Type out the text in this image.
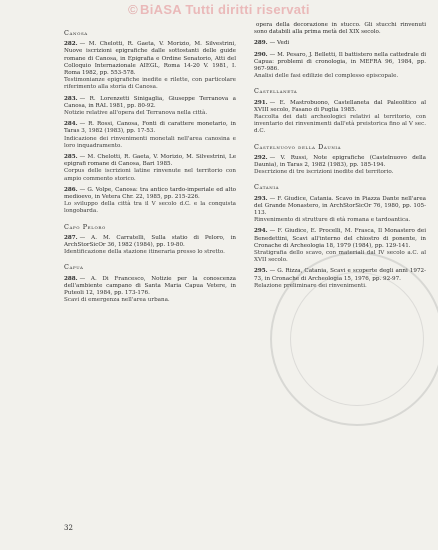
© BiASA Tutti diritti riservati
Canosa
282. — M. Chelotti, R. Gaeta, V. Morizio, M. Silvestrini, Nuove iscrizioni epigrafiche dalle sottostanti delle guide romane di Canosa, in Epigrafia e Ordine Senatorio, Atti del Colloquio Internazionale AIEGL, Roma 14-20 V. 1981, I. Roma 1982, pp. 553-578.
Testimonianze epigrafiche inedite e rilette, con particolare riferimento alla storia di Canosa.
283. — R. Lorenzetti Sinigaglia, Giuseppe Terranova a Canosa, in RAL 1981, pp. 80-92.
Notizie relative all'opera del Terranova nella città.
284. — R. Rossi, Canosa, Fonti di carattere monetario, in Taras 3, 1982 (1983), pp. 17-53.
Indicazione dei rinvenimenti monetali nell'area canosina e loro inquadramento.
285. — M. Chelotti, R. Gaeta, V. Morizio, M. Silvestrini, Le epigrafi romane di Canosa, Bari 1985.
Corpus delle iscrizioni latine rinvenute nel territorio con ampio commento storico.
286. — G. Volpe, Canosa: tra antico tardo-imperiale ed alto medioevo, in Vetera Chr. 22, 1985, pp. 215-226.
Lo sviluppo della città tra il V secolo d.C. e la conquista longobarda.
Capo Peloro
287. — A. M. Carratelli, Sulla statio di Peloro, in ArchStorSicOr 36, 1982 (1984), pp. 19-80.
Identificazione della stazione itineraria presso lo stretto.
Capua
288. — A. Di Francesco, Notizie per la conoscenza dell'ambiente campano di Santa Maria Capua Vetere, in Puteoli 12, 1984, pp. 173-176.
Scavi di emergenza nell'area urbana.
opera della decorazione in stucco. Gli stucchi rinvenuti sono databili alla prima metà del XIX secolo.
289. — Vedi
290. — M. Pesaro, J. Belletti, Il battistero nella cattedrale di Capua: problemi di cronologia, in MEFRA 96, 1984, pp. 967-986.
Analisi delle fasi edilizie del complesso episcopale.
Castellaneta
291. — E. Mastrobuono, Castellaneta dal Paleolitico al XVIII secolo, Fasano di Puglia 1985.
Raccolta dei dati archeologici relativi al territorio, con inventario dei rinvenimenti dall'età preistorica fino al V sec. d.C.
Castelnuovo della Daunia
292. — V. Russi, Note epigrafiche (Castelnuovo della Daunia), in Taras 2, 1982 (1983), pp. 185-194.
Descrizione di tre iscrizioni inedite del territorio.
Catania
293. — F. Giudice, Catania. Scavo in Piazza Dante nell'area del Grande Monastero, in ArchStorSicOr 76, 1980, pp. 105-113.
Rinvenimento di strutture di età romana e tardoantica.
294. — F. Giudice, E. Procelli, M. Frasca, Il Monastero dei Benedettini, Scavi all'interno del chiostro di ponente, in Cronache di Archeologia 18, 1979 (1984), pp. 129-141.
Stratigrafia dello scavo, con materiali dal IV secolo a.C. al XVII secolo.
295. — G. Rizza, Catania, Scavi e scoperte degli anni 1972-73, in Cronache di Archeologia 15, 1976, pp. 92-97.
Relazione preliminare dei rinvenimenti.
32
